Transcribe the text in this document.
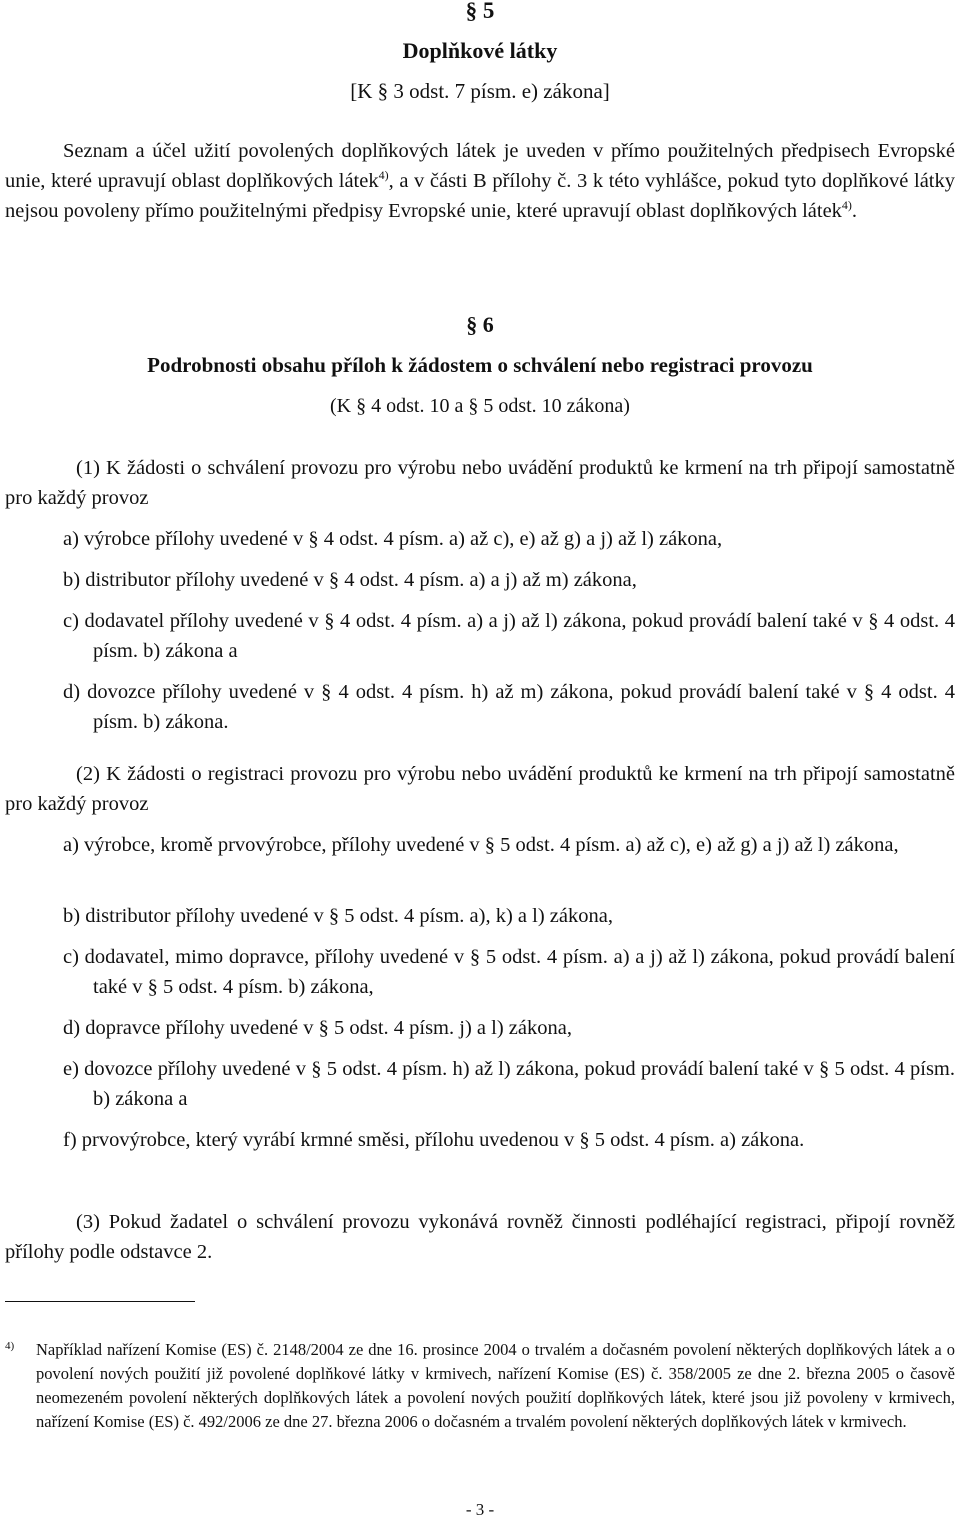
§ 5
Doplňkové látky
[K § 3 odst. 7 písm. e) zákona]
Seznam a účel užití povolených doplňkových látek je uveden v přímo použitelných předpisech Evropské unie, které upravují oblast doplňkových látek$^{4)}$, a v části B přílohy č. 3 k této vyhlášce, pokud tyto doplňkové látky nejsou povoleny přímo použitelnými předpisy Evropské unie, které upravují oblast doplňkových látek$^{4)}$.
§ 6
Podrobnosti obsahu příloh k žádostem o schválení nebo registraci provozu
(K § 4 odst. 10 a § 5 odst. 10 zákona)
(1) K žádosti o schválení provozu pro výrobu nebo uvádění produktů ke krmení na trh připojí samostatně pro každý provoz
a) výrobce přílohy uvedené v § 4 odst. 4 písm. a) až c), e) až g) a j) až l) zákona,
b) distributor přílohy uvedené v § 4 odst. 4 písm. a) a j) až m) zákona,
c) dodavatel přílohy uvedené v § 4 odst. 4 písm. a) a j) až l) zákona, pokud provádí balení také v § 4 odst. 4 písm. b) zákona a
d) dovozce přílohy uvedené v § 4 odst. 4 písm. h) až m) zákona, pokud provádí balení také v § 4 odst. 4 písm. b) zákona.
(2) K žádosti o registraci provozu pro výrobu nebo uvádění produktů ke krmení na trh připojí samostatně pro každý provoz
a) výrobce, kromě prvovýrobce, přílohy uvedené v § 5 odst. 4 písm. a) až c), e) až g) a j) až l) zákona,
b) distributor přílohy uvedené v § 5 odst. 4 písm. a), k) a l) zákona,
c) dodavatel, mimo dopravce, přílohy uvedené v § 5 odst. 4 písm. a) a j) až l) zákona, pokud provádí balení také v § 5 odst. 4 písm. b) zákona,
d) dopravce přílohy uvedené v § 5 odst. 4 písm. j) a l) zákona,
e) dovozce přílohy uvedené v § 5 odst. 4 písm. h) až l) zákona, pokud provádí balení také v § 5 odst. 4 písm. b) zákona a
f) prvovýrobce, který vyrábí krmné směsi, přílohu uvedenou v § 5 odst. 4 písm. a) zákona.
(3) Pokud žadatel o schválení provozu vykonává rovněž činnosti podléhající registraci, připojí rovněž přílohy podle odstavce 2.
4) Například nařízení Komise (ES) č. 2148/2004 ze dne 16. prosince 2004 o trvalém a dočasném povolení některých doplňkových látek a o povolení nových použití již povolené doplňkové látky v krmivech, nařízení Komise (ES) č. 358/2005 ze dne 2. března 2005 o časově neomezeném povolení některých doplňkových látek a povolení nových použití doplňkových látek, které jsou již povoleny v krmivech, nařízení Komise (ES) č. 492/2006 ze dne 27. března 2006 o dočasném a trvalém povolení některých doplňkových látek v krmivech.
- 3 -
